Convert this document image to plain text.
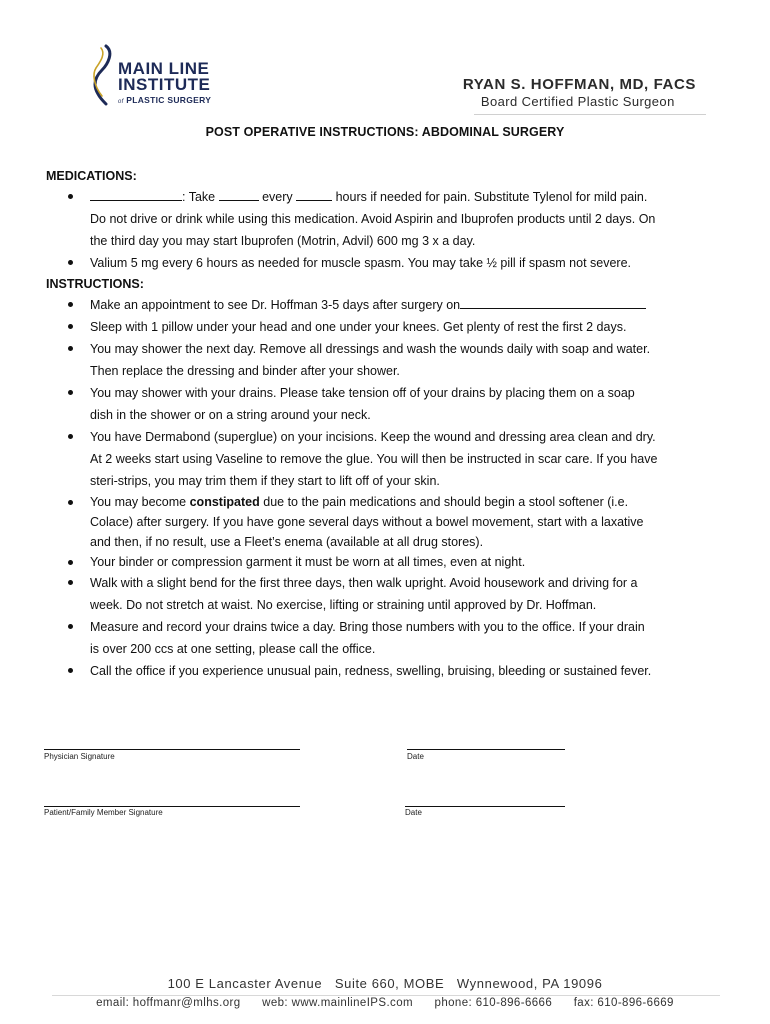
MAIN LINE
INSTITUTE
of PLASTIC SURGERY
RYAN S. HOFFMAN, MD, FACS
Board Certified Plastic Surgeon
POST OPERATIVE INSTRUCTIONS: ABDOMINAL SURGERY
MEDICATIONS:
: Take	every	hours if needed for pain. Substitute Tylenol for mild pain.
Do not drive or drink while using this medication. Avoid Aspirin and Ibuprofen products until 2 days. On
the third day you may start Ibuprofen (Motrin, Advil) 600 mg 3 x a day.
Valium 5 mg every 6 hours as needed for muscle spasm. You may take ½ pill if spasm not severe.
INSTRUCTIONS:
Make an appointment to see Dr. Hoffman 3-5 days after surgery on
Sleep with 1 pillow under your head and one under your knees. Get plenty of rest the first 2 days.
You may shower the next day. Remove all dressings and wash the wounds daily with soap and water.
Then replace the dressing and binder after your shower.
You may shower with your drains. Please take tension off of your drains by placing them on a soap
dish in the shower or on a string around your neck.
You have Dermabond (superglue) on your incisions. Keep the wound and dressing area clean and dry.
At 2 weeks start using Vaseline to remove the glue. You will then be instructed in scar care. If you have
steri-strips, you may trim them if they start to lift off of your skin.
You may become constipated due to the pain medications and should begin a stool softener (i.e.
Colace) after surgery. If you have gone several days without a bowel movement, start with a laxative
and then, if no result, use a Fleet’s enema (available at all drug stores).
Your binder or compression garment it must be worn at all times, even at night.
Walk with a slight bend for the first three days, then walk upright. Avoid housework and driving for a
week. Do not stretch at waist. No exercise, lifting or straining until approved by Dr. Hoffman.
Measure and record your drains twice a day. Bring those numbers with you to the office. If your drain
is over 200 ccs at one setting, please call the office.
Call the office if you experience unusual pain, redness, swelling, bruising, bleeding or sustained fever.
Physician Signature	Date
Patient/Family Member Signature	Date
100 E Lancaster Avenue   Suite 660, MOBE   Wynnewood, PA 19096
email: hoffmanr@mlhs.org      web: www.mainlineIPS.com      phone: 610-896-6666      fax: 610-896-6669
